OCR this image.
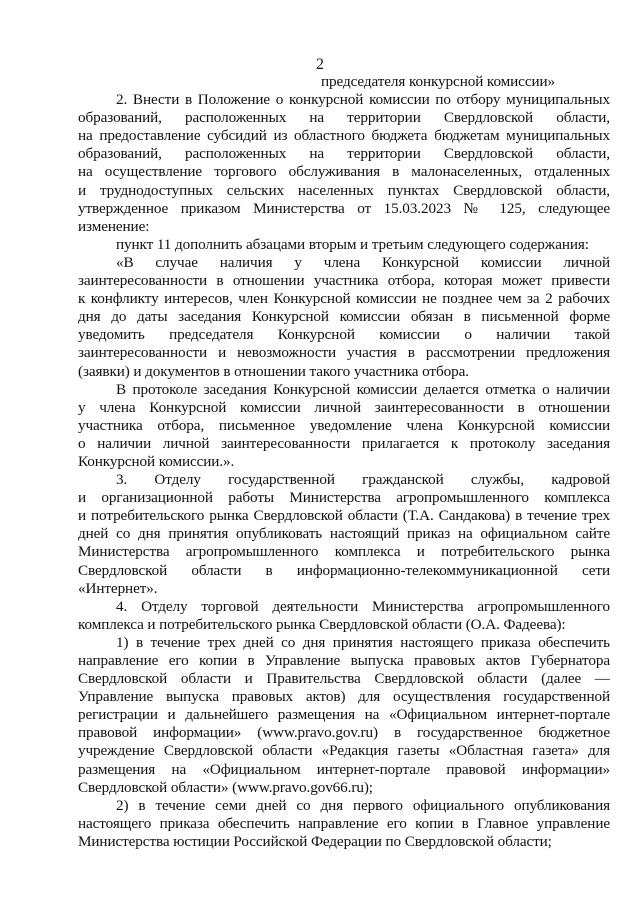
2
председателя конкурсной комиссии»
2. Внести в Положение о конкурсной комиссии по отбору муниципальных
образований, расположенных на территории Свердловской области,
на предоставление субсидий из областного бюджета бюджетам муниципальных
образований, расположенных на территории Свердловской области,
на осуществление торгового обслуживания в малонаселенных, отдаленных
и труднодоступных сельских населенных пунктах Свердловской области,
утвержденное приказом Министерства от 15.03.2023 № 125, следующее
изменение:
пункт 11 дополнить абзацами вторым и третьим следующего содержания:
«В случае наличия у члена Конкурсной комиссии личной
заинтересованности в отношении участника отбора, которая может привести
к конфликту интересов, член Конкурсной комиссии не позднее чем за 2 рабочих
дня до даты заседания Конкурсной комиссии обязан в письменной форме
уведомить председателя Конкурсной комиссии о наличии такой
заинтересованности и невозможности участия в рассмотрении предложения
(заявки) и документов в отношении такого участника отбора.
В протоколе заседания Конкурсной комиссии делается отметка о наличии
у члена Конкурсной комиссии личной заинтересованности в отношении
участника отбора, письменное уведомление члена Конкурсной комиссии
о наличии личной заинтересованности прилагается к протоколу заседания
Конкурсной комиссии.».
3. Отделу государственной гражданской службы, кадровой
и организационной работы Министерства агропромышленного комплекса
и потребительского рынка Свердловской области (Т.А. Сандакова) в течение трех
дней со дня принятия опубликовать настоящий приказ на официальном сайте
Министерства агропромышленного комплекса и потребительского рынка
Свердловской области в информационно-телекоммуникационной сети
«Интернет».
4. Отделу торговой деятельности Министерства агропромышленного
комплекса и потребительского рынка Свердловской области (О.А. Фадеева):
1) в течение трех дней со дня принятия настоящего приказа обеспечить
направление его копии в Управление выпуска правовых актов Губернатора
Свердловской области и Правительства Свердловской области (далее —
Управление выпуска правовых актов) для осуществления государственной
регистрации и дальнейшего размещения на «Официальном интернет-портале
правовой информации» (www.pravo.gov.ru) в государственное бюджетное
учреждение Свердловской области «Редакция газеты «Областная газета» для
размещения на «Официальном интернет-портале правовой информации»
Свердловской области» (www.pravo.gov66.ru);
2) в течение семи дней со дня первого официального опубликования
настоящего приказа обеспечить направление его копии в Главное управление
Министерства юстиции Российской Федерации по Свердловской области;
